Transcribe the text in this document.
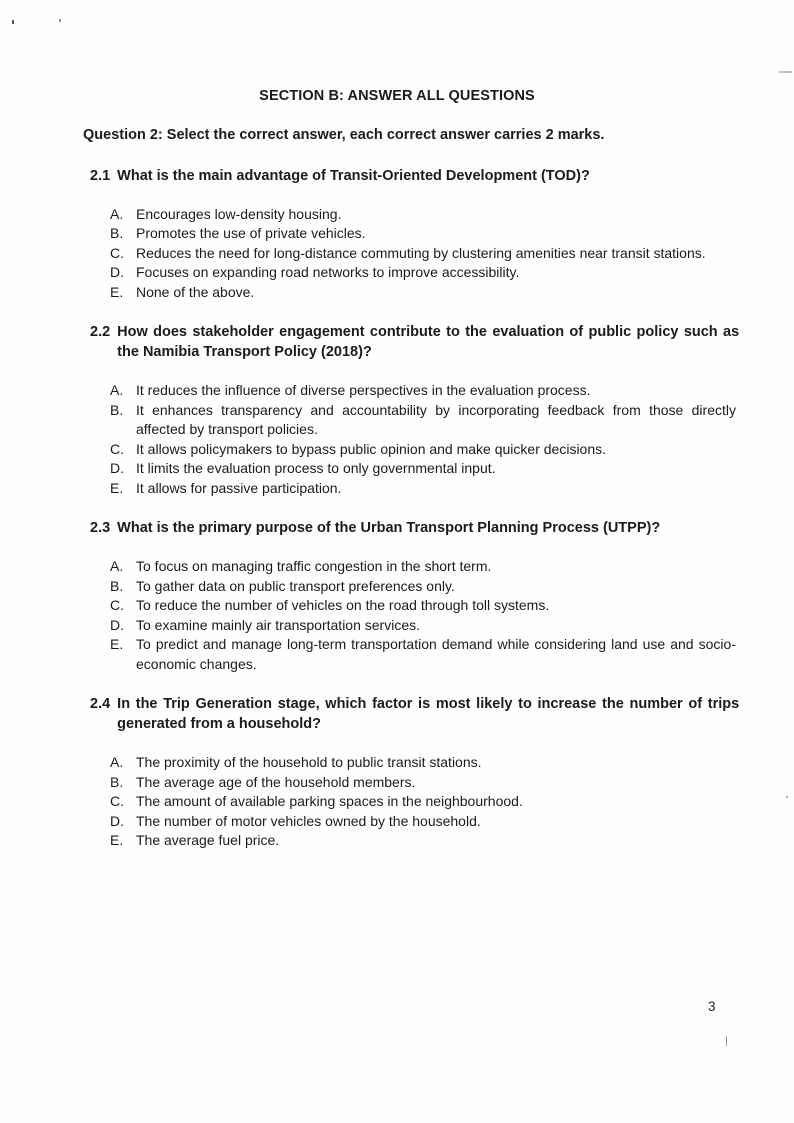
SECTION B: ANSWER ALL QUESTIONS

Question 2: Select the correct answer, each correct answer carries 2 marks.

2.1 What is the main advantage of Transit-Oriented Development (TOD)?
A. Encourages low-density housing.
B. Promotes the use of private vehicles.
C. Reduces the need for long-distance commuting by clustering amenities near transit stations.
D. Focuses on expanding road networks to improve accessibility.
E. None of the above.
2.2 How does stakeholder engagement contribute to the evaluation of public policy such as the Namibia Transport Policy (2018)?
A. It reduces the influence of diverse perspectives in the evaluation process.
B. It enhances transparency and accountability by incorporating feedback from those directly affected by transport policies.
C. It allows policymakers to bypass public opinion and make quicker decisions.
D. It limits the evaluation process to only governmental input.
E. It allows for passive participation.
2.3 What is the primary purpose of the Urban Transport Planning Process (UTPP)?
A. To focus on managing traffic congestion in the short term.
B. To gather data on public transport preferences only.
C. To reduce the number of vehicles on the road through toll systems.
D. To examine mainly air transportation services.
E. To predict and manage long-term transportation demand while considering land use and socio-economic changes.
2.4 In the Trip Generation stage, which factor is most likely to increase the number of trips generated from a household?
A. The proximity of the household to public transit stations.
B. The average age of the household members.
C. The amount of available parking spaces in the neighbourhood.
D. The number of motor vehicles owned by the household.
E. The average fuel price.
3
